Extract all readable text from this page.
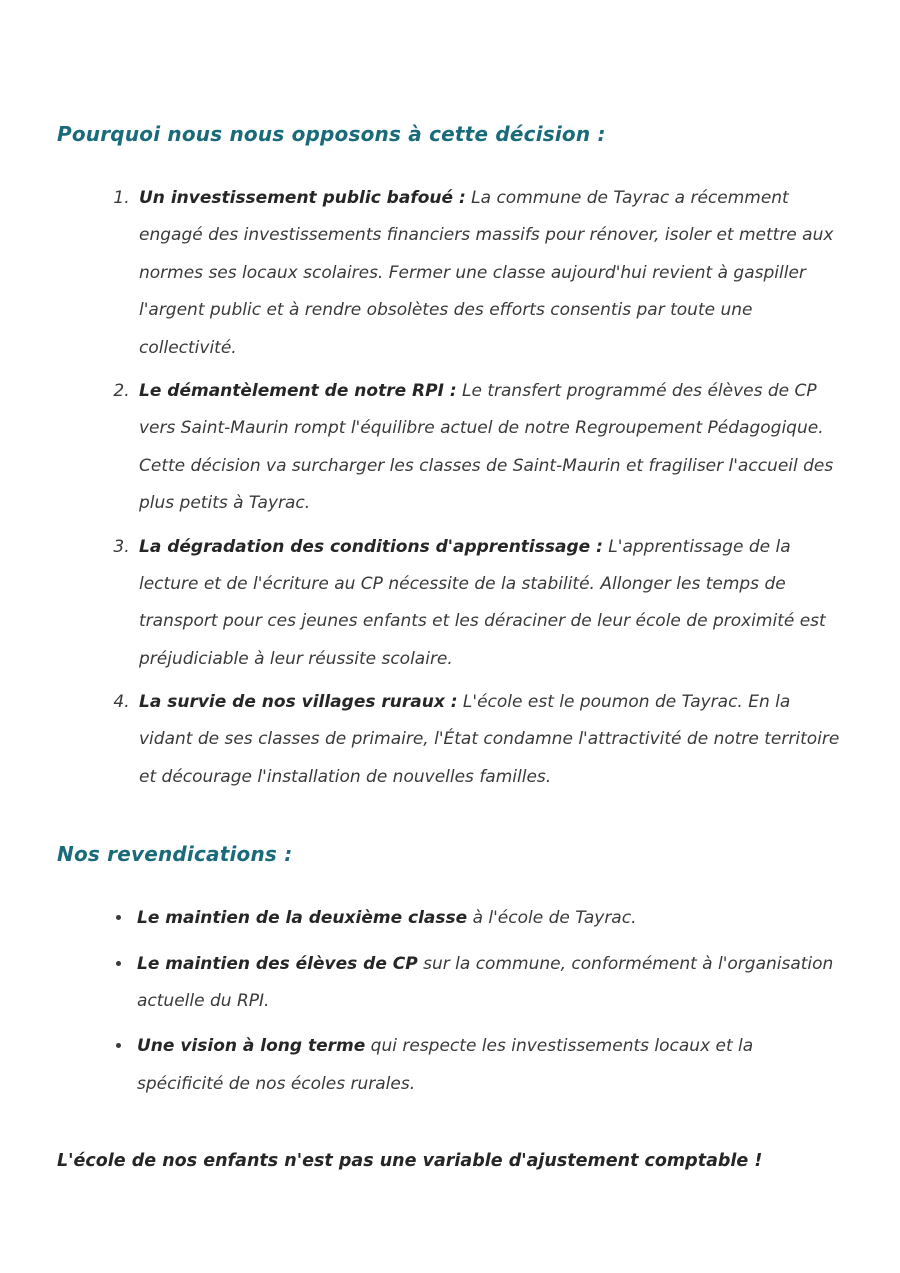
Pourquoi nous nous opposons à cette décision :
1. Un investissement public bafoué : La commune de Tayrac a récemment engagé des investissements financiers massifs pour rénover, isoler et mettre aux normes ses locaux scolaires. Fermer une classe aujourd'hui revient à gaspiller l'argent public et à rendre obsolètes des efforts consentis par toute une collectivité.
2. Le démantèlement de notre RPI : Le transfert programmé des élèves de CP vers Saint-Maurin rompt l'équilibre actuel de notre Regroupement Pédagogique. Cette décision va surcharger les classes de Saint-Maurin et fragiliser l'accueil des plus petits à Tayrac.
3. La dégradation des conditions d'apprentissage : L'apprentissage de la lecture et de l'écriture au CP nécessite de la stabilité. Allonger les temps de transport pour ces jeunes enfants et les déraciner de leur école de proximité est préjudiciable à leur réussite scolaire.
4. La survie de nos villages ruraux : L'école est le poumon de Tayrac. En la vidant de ses classes de primaire, l'État condamne l'attractivité de notre territoire et décourage l'installation de nouvelles familles.
Nos revendications :
• Le maintien de la deuxième classe à l'école de Tayrac.
• Le maintien des élèves de CP sur la commune, conformément à l'organisation actuelle du RPI.
• Une vision à long terme qui respecte les investissements locaux et la spécificité de nos écoles rurales.

L'école de nos enfants n'est pas une variable d'ajustement comptable !
